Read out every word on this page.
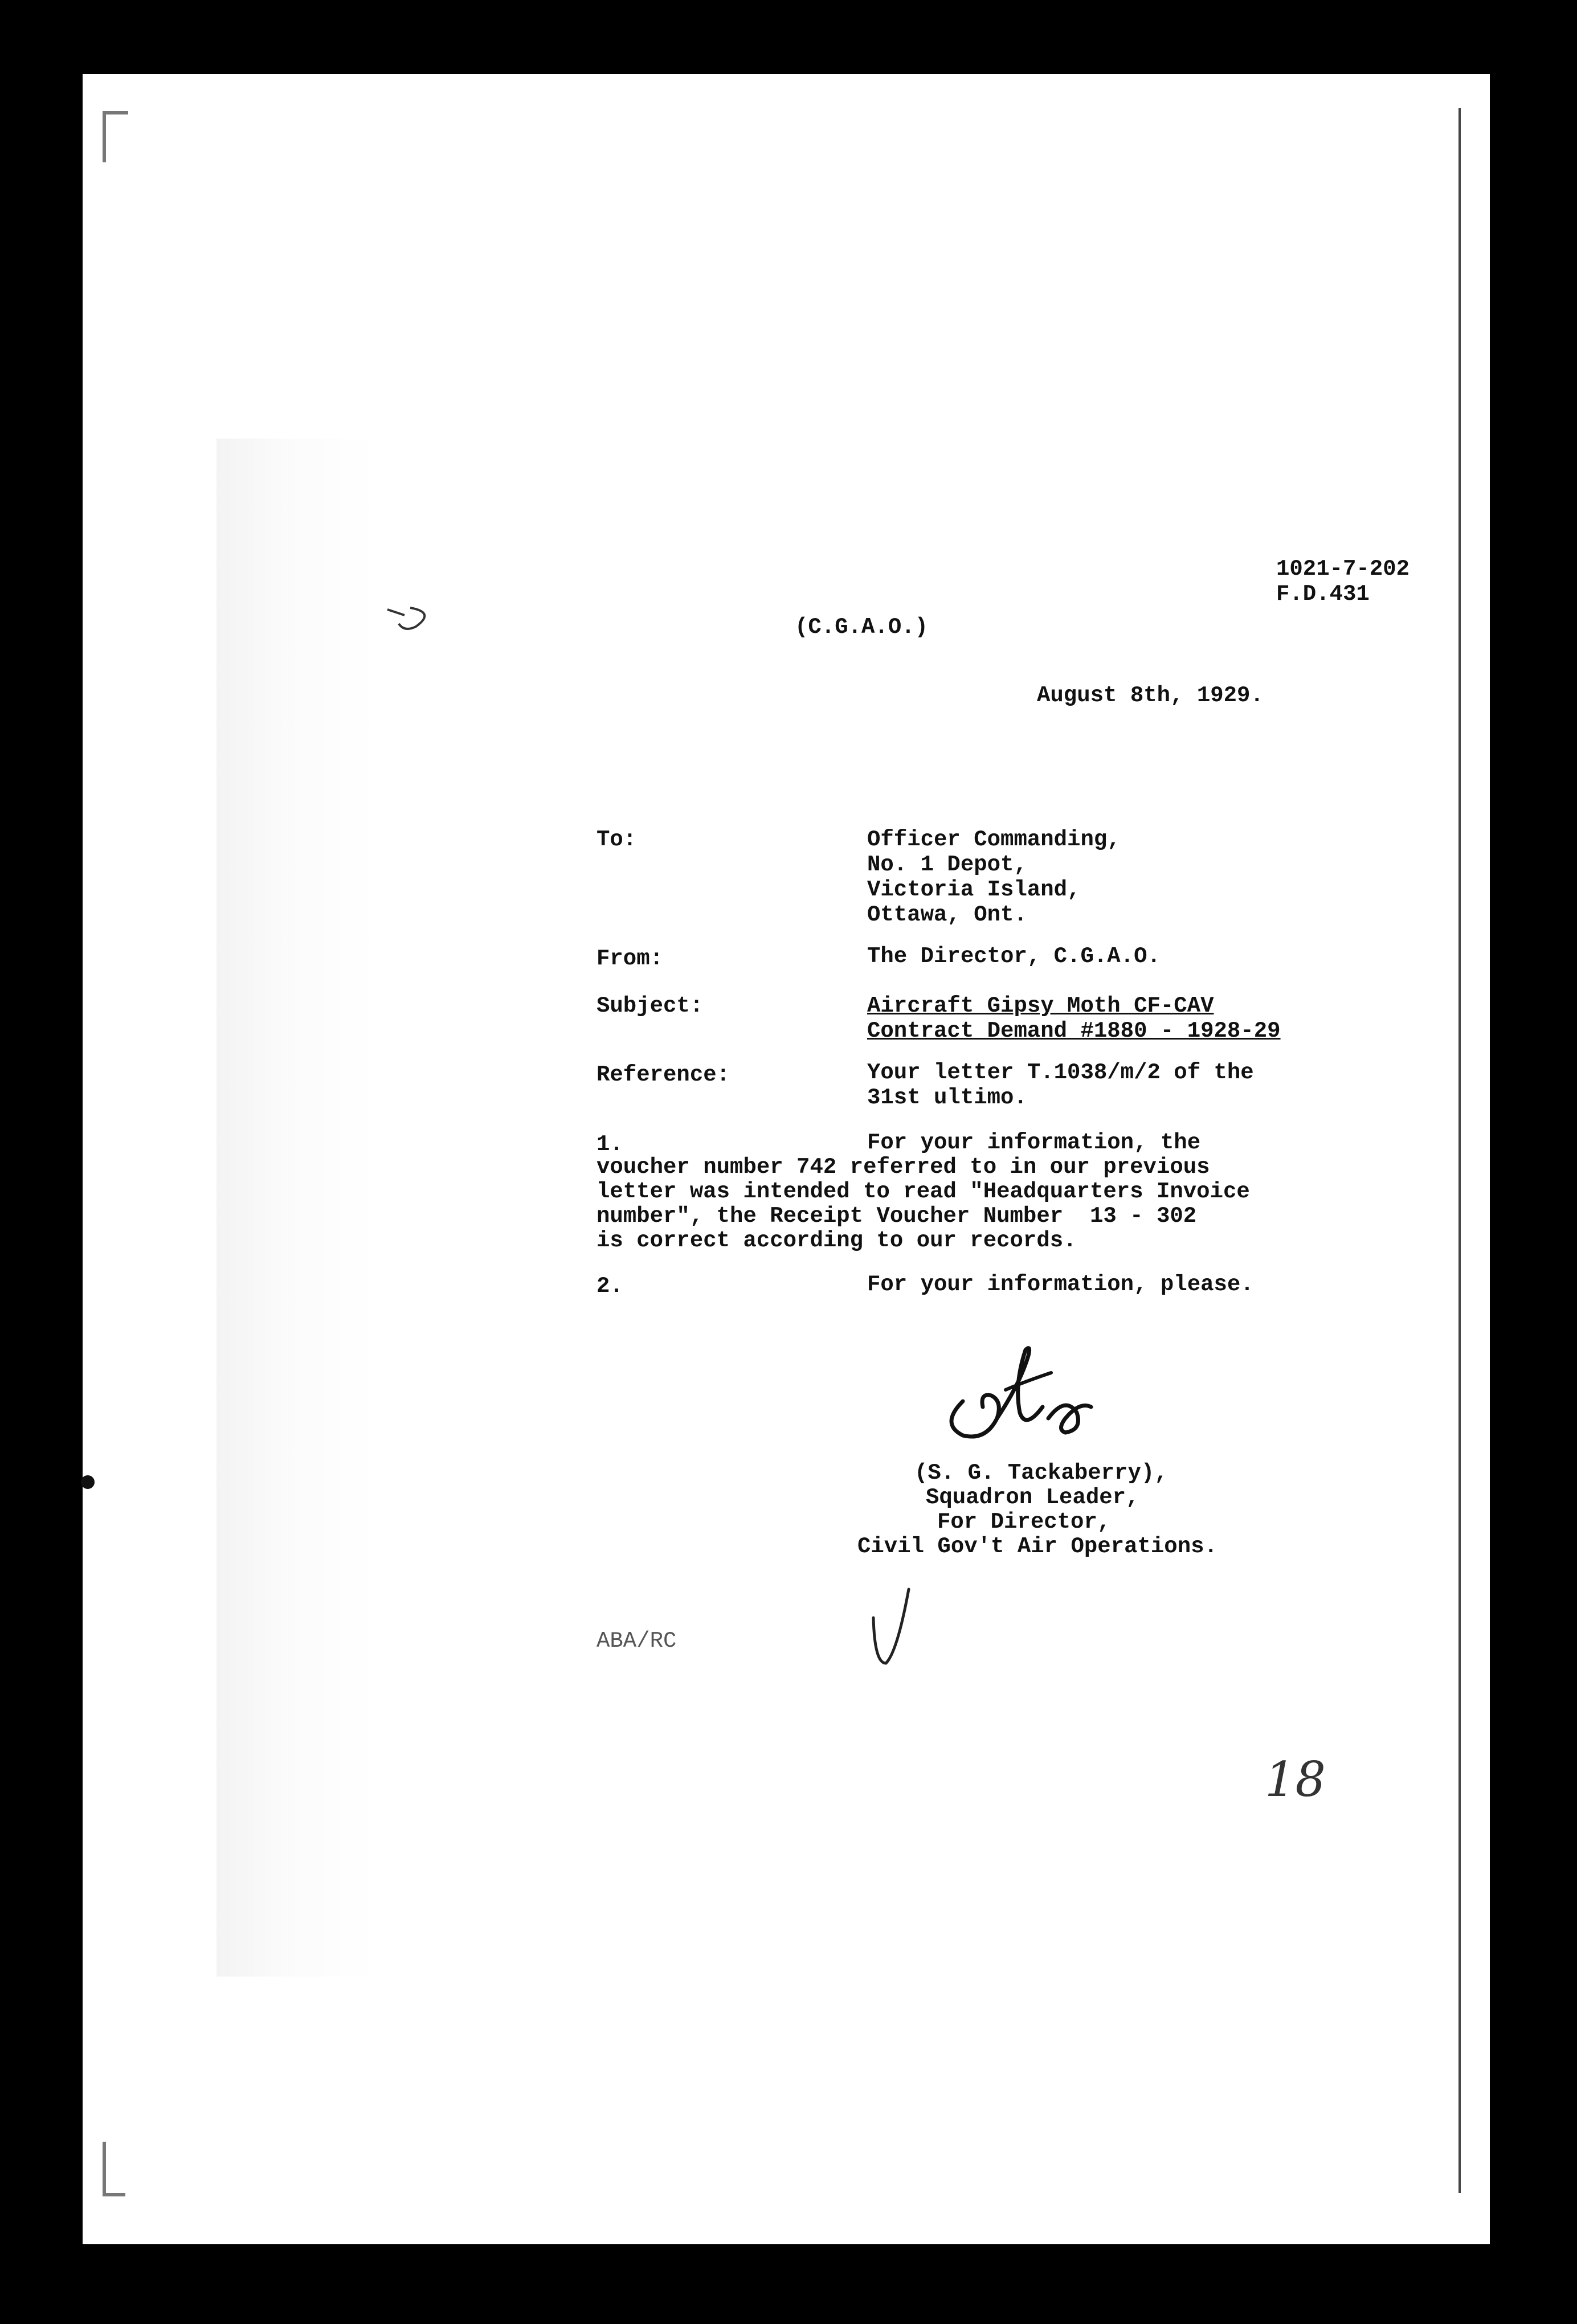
1021-7-202
F.D.431
(C.G.A.O.)
August 8th, 1929.
To:	Officer Commanding,
No. 1 Depot,
Victoria Island,
Ottawa, Ont.
From:	The Director, C.G.A.O.
Subject:	Aircraft Gipsy Moth CF-CAV
Contract Demand #1880 - 1928-29
Reference:	Your letter T.1038/m/2 of the
31st ultimo.
1.	For your information, the
voucher number 742 referred to in our previous
letter was intended to read "Headquarters Invoice
number", the Receipt Voucher Number  13 - 302
is correct according to our records.
2.	For your information, please.
(S. G. Tackaberry),
Squadron Leader,
For Director,
Civil Gov't Air Operations.
ABA/RC
18
